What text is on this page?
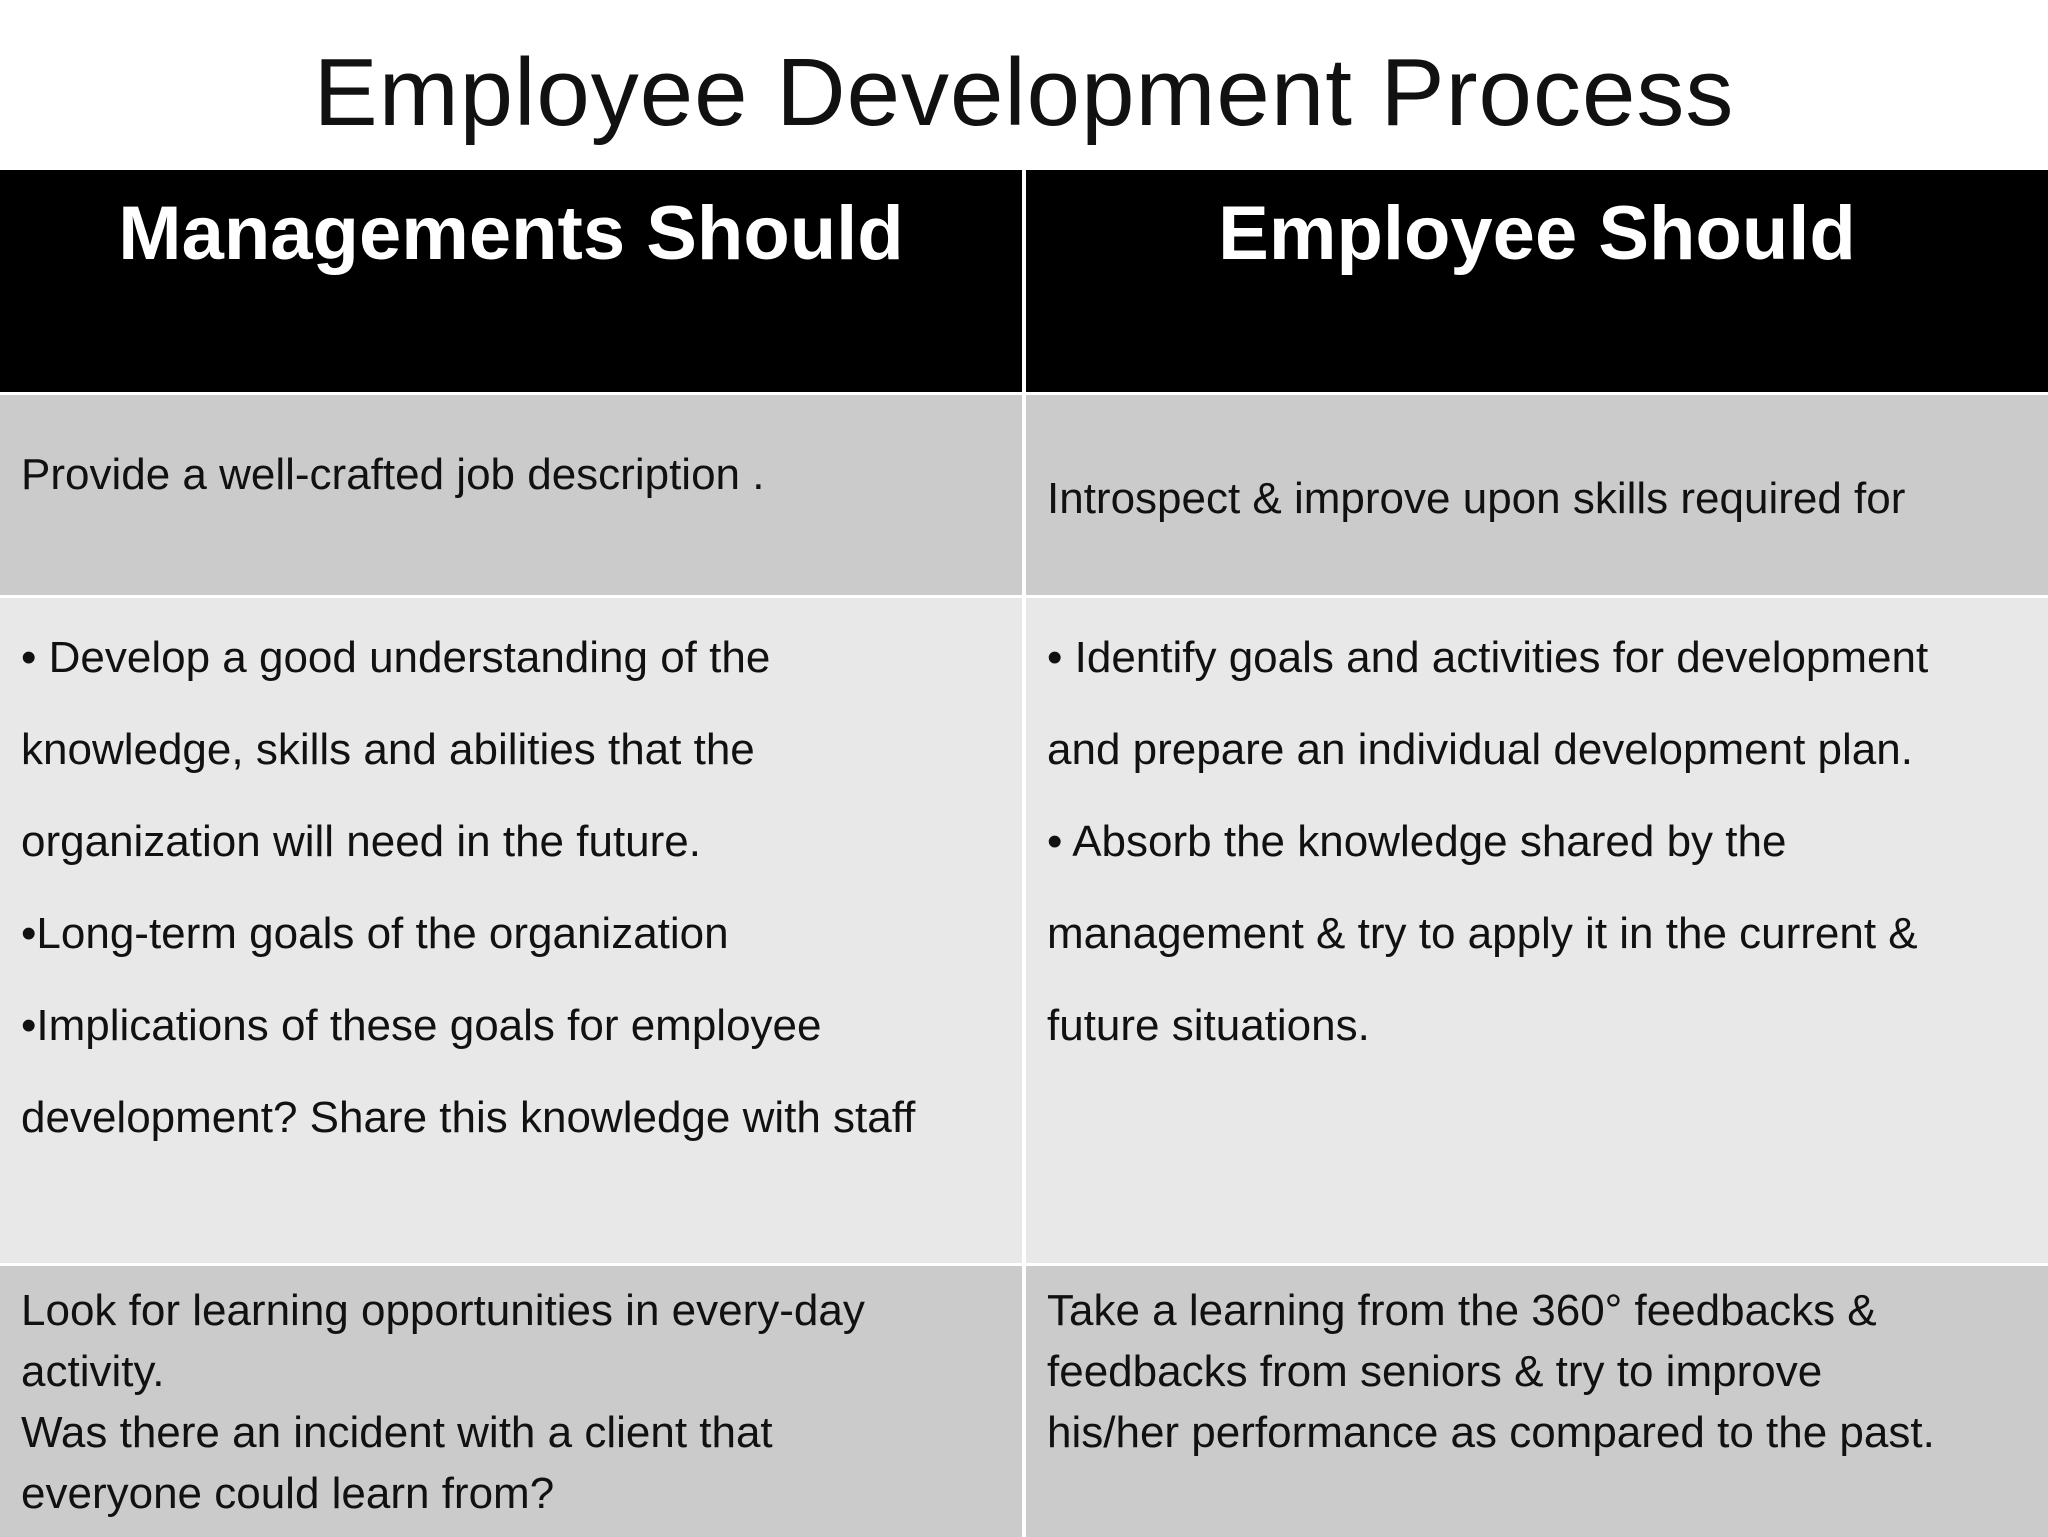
Employee Development Process
Managements Should	Employee Should

Provide a well-crafted job description .	Introspect & improve upon skills required for

• Develop a good understanding of the

knowledge, skills and abilities that the

organization will need in the future.

•Long-term goals of the organization

•Implications of these goals for employee

development? Share this knowledge with staff

• Identify goals and activities for development

and prepare an individual development plan.

• Absorb the knowledge shared by the

management & try to apply it in the current &

future situations.

Look for learning opportunities in every-day

activity.

Was there an incident with a client that

everyone could learn from?

Take a learning from the 360° feedbacks &

feedbacks from seniors & try to improve

his/her performance as compared to the past.
